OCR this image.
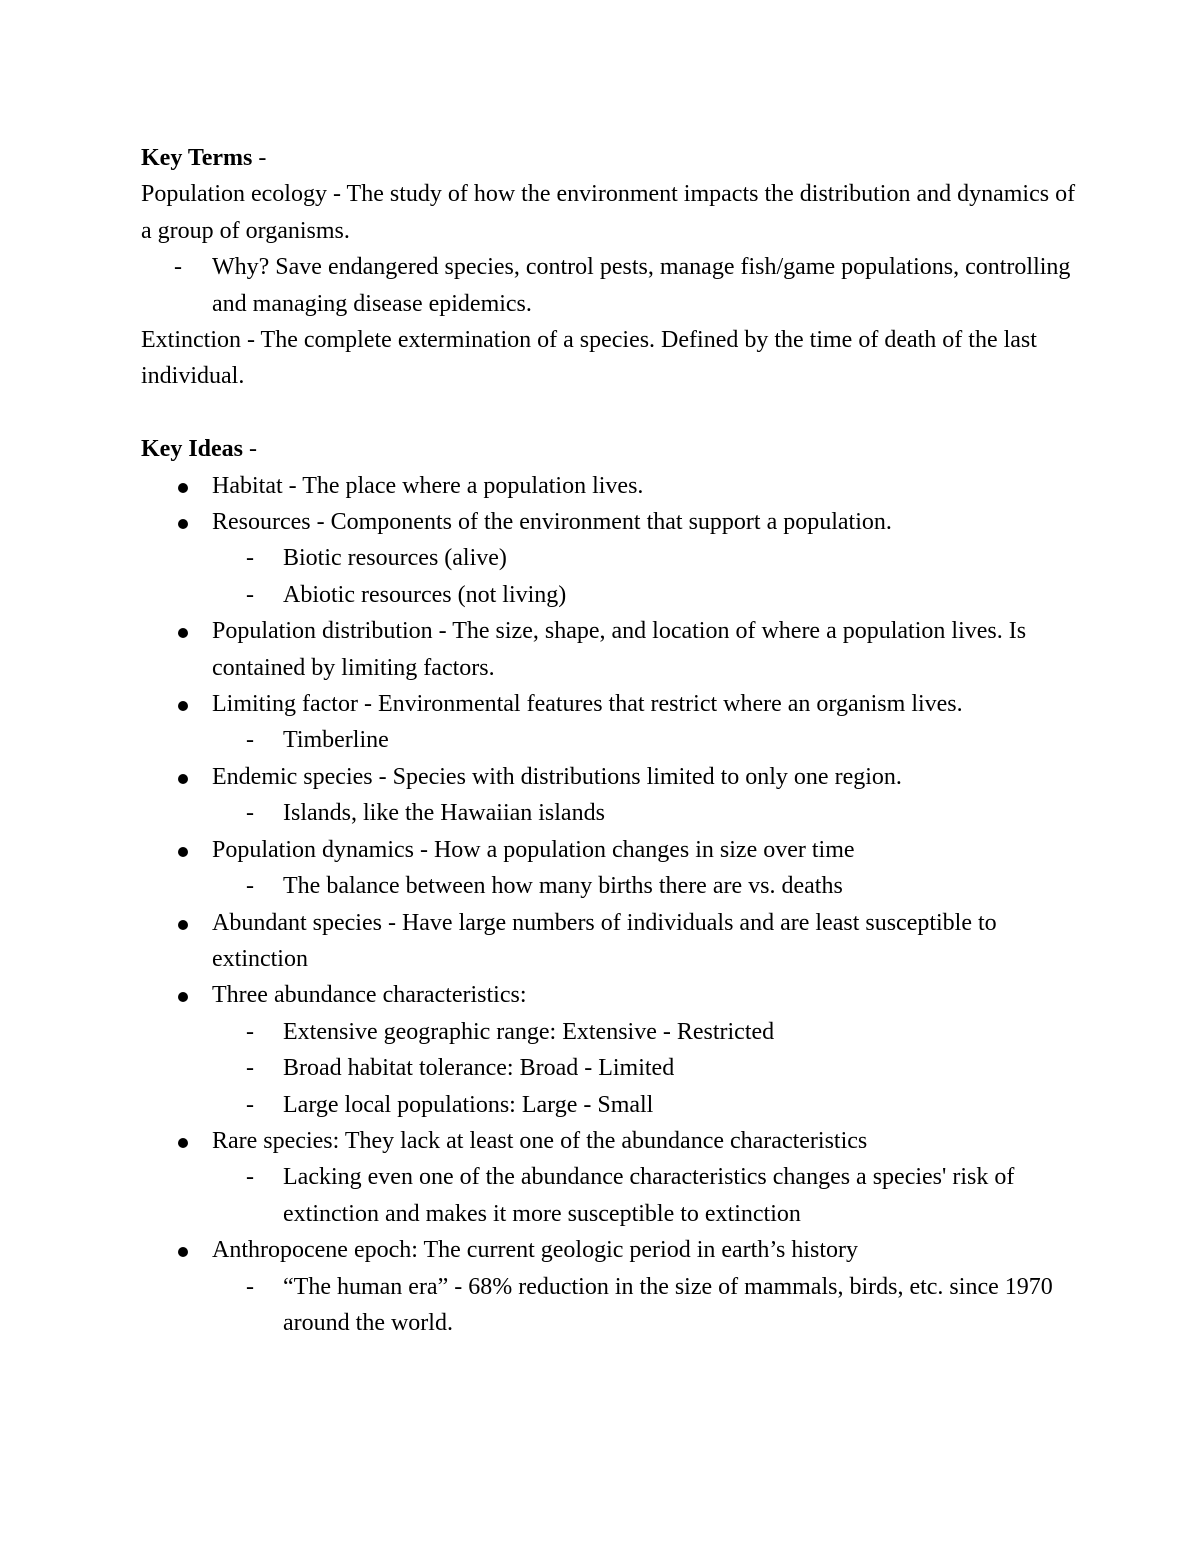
Key Terms -

Population ecology - The study of how the environment impacts the distribution and dynamics of a group of organisms.

- Why? Save endangered species, control pests, manage fish/game populations, controlling and managing disease epidemics.

Extinction - The complete extermination of a species. Defined by the time of death of the last individual.

Key Ideas -

Habitat - The place where a population lives.
Resources - Components of the environment that support a population.
- Biotic resources (alive)
- Abiotic resources (not living)
Population distribution - The size, shape, and location of where a population lives. Is contained by limiting factors.
Limiting factor - Environmental features that restrict where an organism lives.
- Timberline
Endemic species - Species with distributions limited to only one region.
- Islands, like the Hawaiian islands
Population dynamics - How a population changes in size over time
- The balance between how many births there are vs. deaths
Abundant species - Have large numbers of individuals and are least susceptible to extinction
Three abundance characteristics:
- Extensive geographic range: Extensive - Restricted
- Broad habitat tolerance: Broad - Limited
- Large local populations: Large - Small
Rare species: They lack at least one of the abundance characteristics
- Lacking even one of the abundance characteristics changes a species' risk of extinction and makes it more susceptible to extinction
Anthropocene epoch: The current geologic period in earth’s history
- “The human era” - 68% reduction in the size of mammals, birds, etc. since 1970 around the world.
